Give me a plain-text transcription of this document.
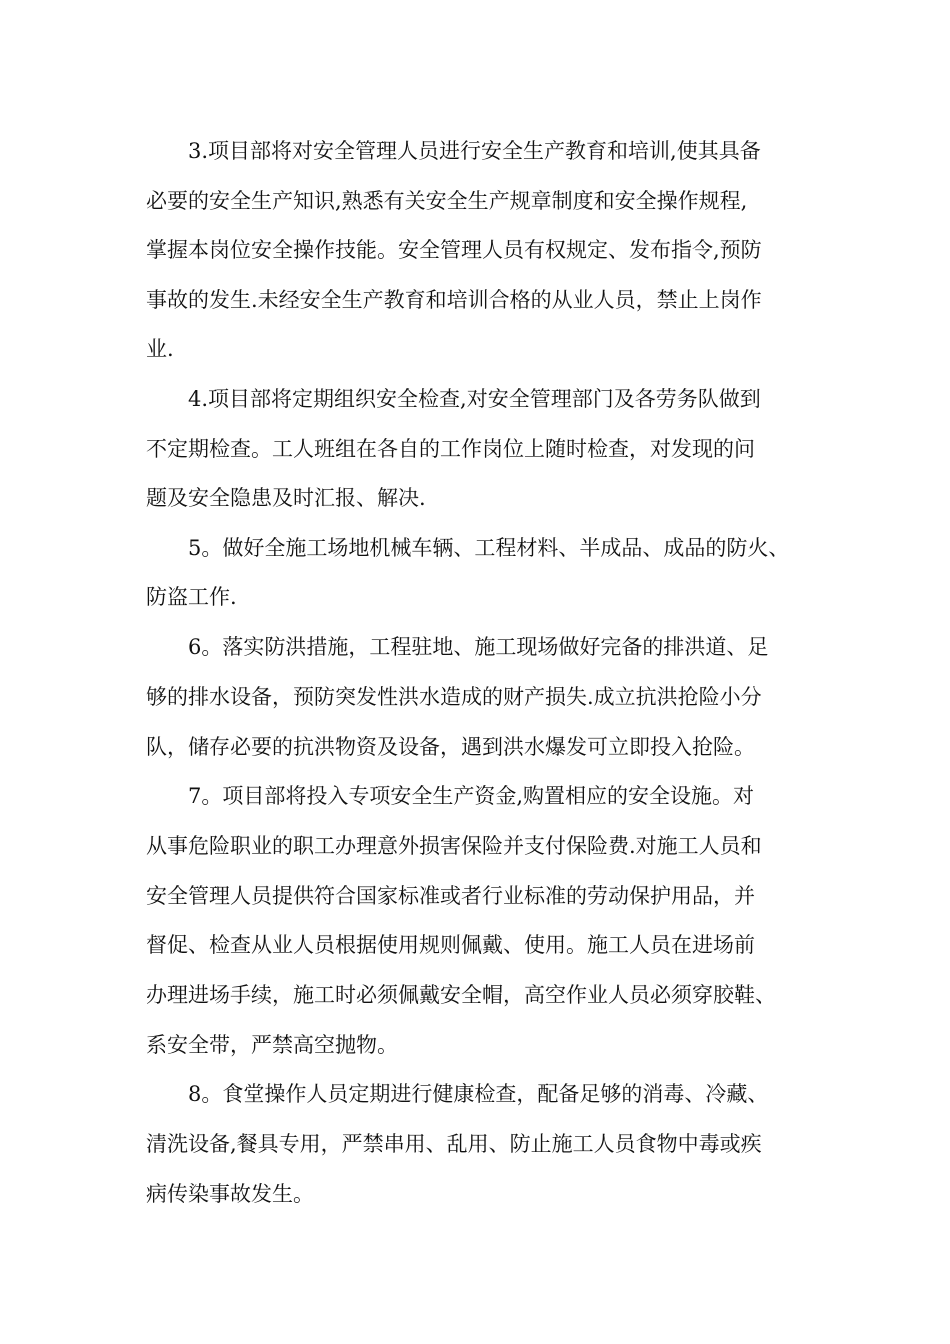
3.项目部将对安全管理人员进行安全生产教育和培训,使其具备
必要的安全生产知识,熟悉有关安全生产规章制度和安全操作规程,
掌握本岗位安全操作技能。安全管理人员有权规定、发布指令,预防
事故的发生.未经安全生产教育和培训合格的从业人员，禁止上岗作
业.
4.项目部将定期组织安全检查,对安全管理部门及各劳务队做到
不定期检查。工人班组在各自的工作岗位上随时检查，对发现的问
题及安全隐患及时汇报、解决.
5。做好全施工场地机械车辆、工程材料、半成品、成品的防火、
防盗工作.
6。落实防洪措施，工程驻地、施工现场做好完备的排洪道、足
够的排水设备，预防突发性洪水造成的财产损失.成立抗洪抢险小分
队，储存必要的抗洪物资及设备，遇到洪水爆发可立即投入抢险。
7。项目部将投入专项安全生产资金,购置相应的安全设施。对
从事危险职业的职工办理意外损害保险并支付保险费.对施工人员和
安全管理人员提供符合国家标准或者行业标准的劳动保护用品，并
督促、检查从业人员根据使用规则佩戴、使用。施工人员在进场前
办理进场手续，施工时必须佩戴安全帽，高空作业人员必须穿胶鞋、
系安全带，严禁高空抛物。
8。食堂操作人员定期进行健康检查，配备足够的消毒、冷藏、
清洗设备,餐具专用，严禁串用、乱用、防止施工人员食物中毒或疾
病传染事故发生。
